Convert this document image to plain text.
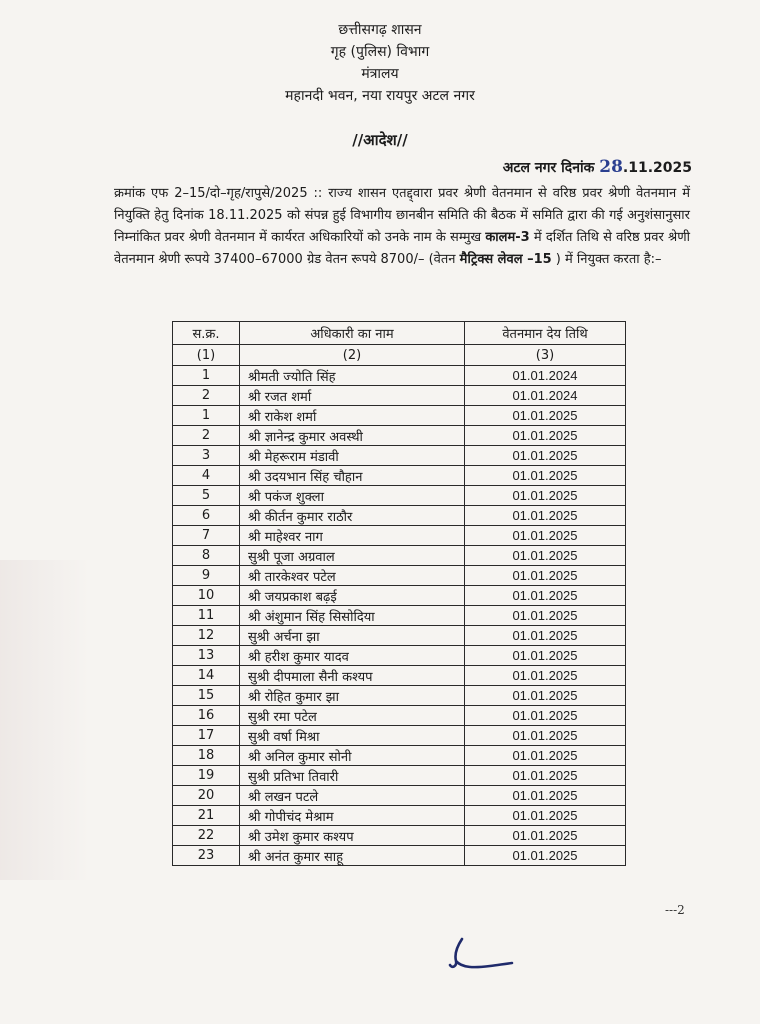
छत्तीसगढ़ शासन
गृह (पुलिस) विभाग
मंत्रालय
महानदी भवन, नया रायपुर अटल नगर
//आदेश//
अटल नगर दिनांक 28.11.2025
क्रमांक एफ 2–15/दो–गृह/रापुसे/2025 :: राज्य शासन एतद्द्वारा प्रवर श्रेणी वेतनमान से वरिष्ठ प्रवर श्रेणी वेतनमान में नियुक्ति हेतु दिनांक 18.11.2025 को संपन्न हुई विभागीय छानबीन समिति की बैठक में समिति द्वारा की गई अनुशंसानुसार निम्नांकित प्रवर श्रेणी वेतनमान में कार्यरत अधिकारियों को उनके नाम के सम्मुख कालम-3 में दर्शित तिथि से वरिष्ठ प्रवर श्रेणी वेतनमान श्रेणी रूपये 37400–67000 ग्रेड वेतन रूपये 8700/– (वेतन मैट्रिक्स लेवल –15 ) में नियुक्त करता है:–
स.क्र.	अधिकारी का नाम	वेतनमान देय तिथि
(1)	(2)	(3)
1	श्रीमती ज्योति सिंह	01.01.2024
2	श्री रजत शर्मा	01.01.2024
1	श्री राकेश शर्मा	01.01.2025
2	श्री ज्ञानेन्द्र कुमार अवस्थी	01.01.2025
3	श्री मेहरूराम मंडावी	01.01.2025
4	श्री उदयभान सिंह चौहान	01.01.2025
5	श्री पकंज शुक्ला	01.01.2025
6	श्री कीर्तन कुमार राठौर	01.01.2025
7	श्री माहेश्वर नाग	01.01.2025
8	सुश्री पूजा अग्रवाल	01.01.2025
9	श्री तारकेश्वर पटेल	01.01.2025
10	श्री जयप्रकाश बढ़ई	01.01.2025
11	श्री अंशुमान सिंह सिसोदिया	01.01.2025
12	सुश्री अर्चना झा	01.01.2025
13	श्री हरीश कुमार यादव	01.01.2025
14	सुश्री दीपमाला सैनी कश्यप	01.01.2025
15	श्री रोहित कुमार झा	01.01.2025
16	सुश्री रमा पटेल	01.01.2025
17	सुश्री वर्षा मिश्रा	01.01.2025
18	श्री अनिल कुमार सोनी	01.01.2025
19	सुश्री प्रतिभा तिवारी	01.01.2025
20	श्री लखन पटले	01.01.2025
21	श्री गोपीचंद मेश्राम	01.01.2025
22	श्री उमेश कुमार कश्यप	01.01.2025
23	श्री अनंत कुमार साहू	01.01.2025
---2
